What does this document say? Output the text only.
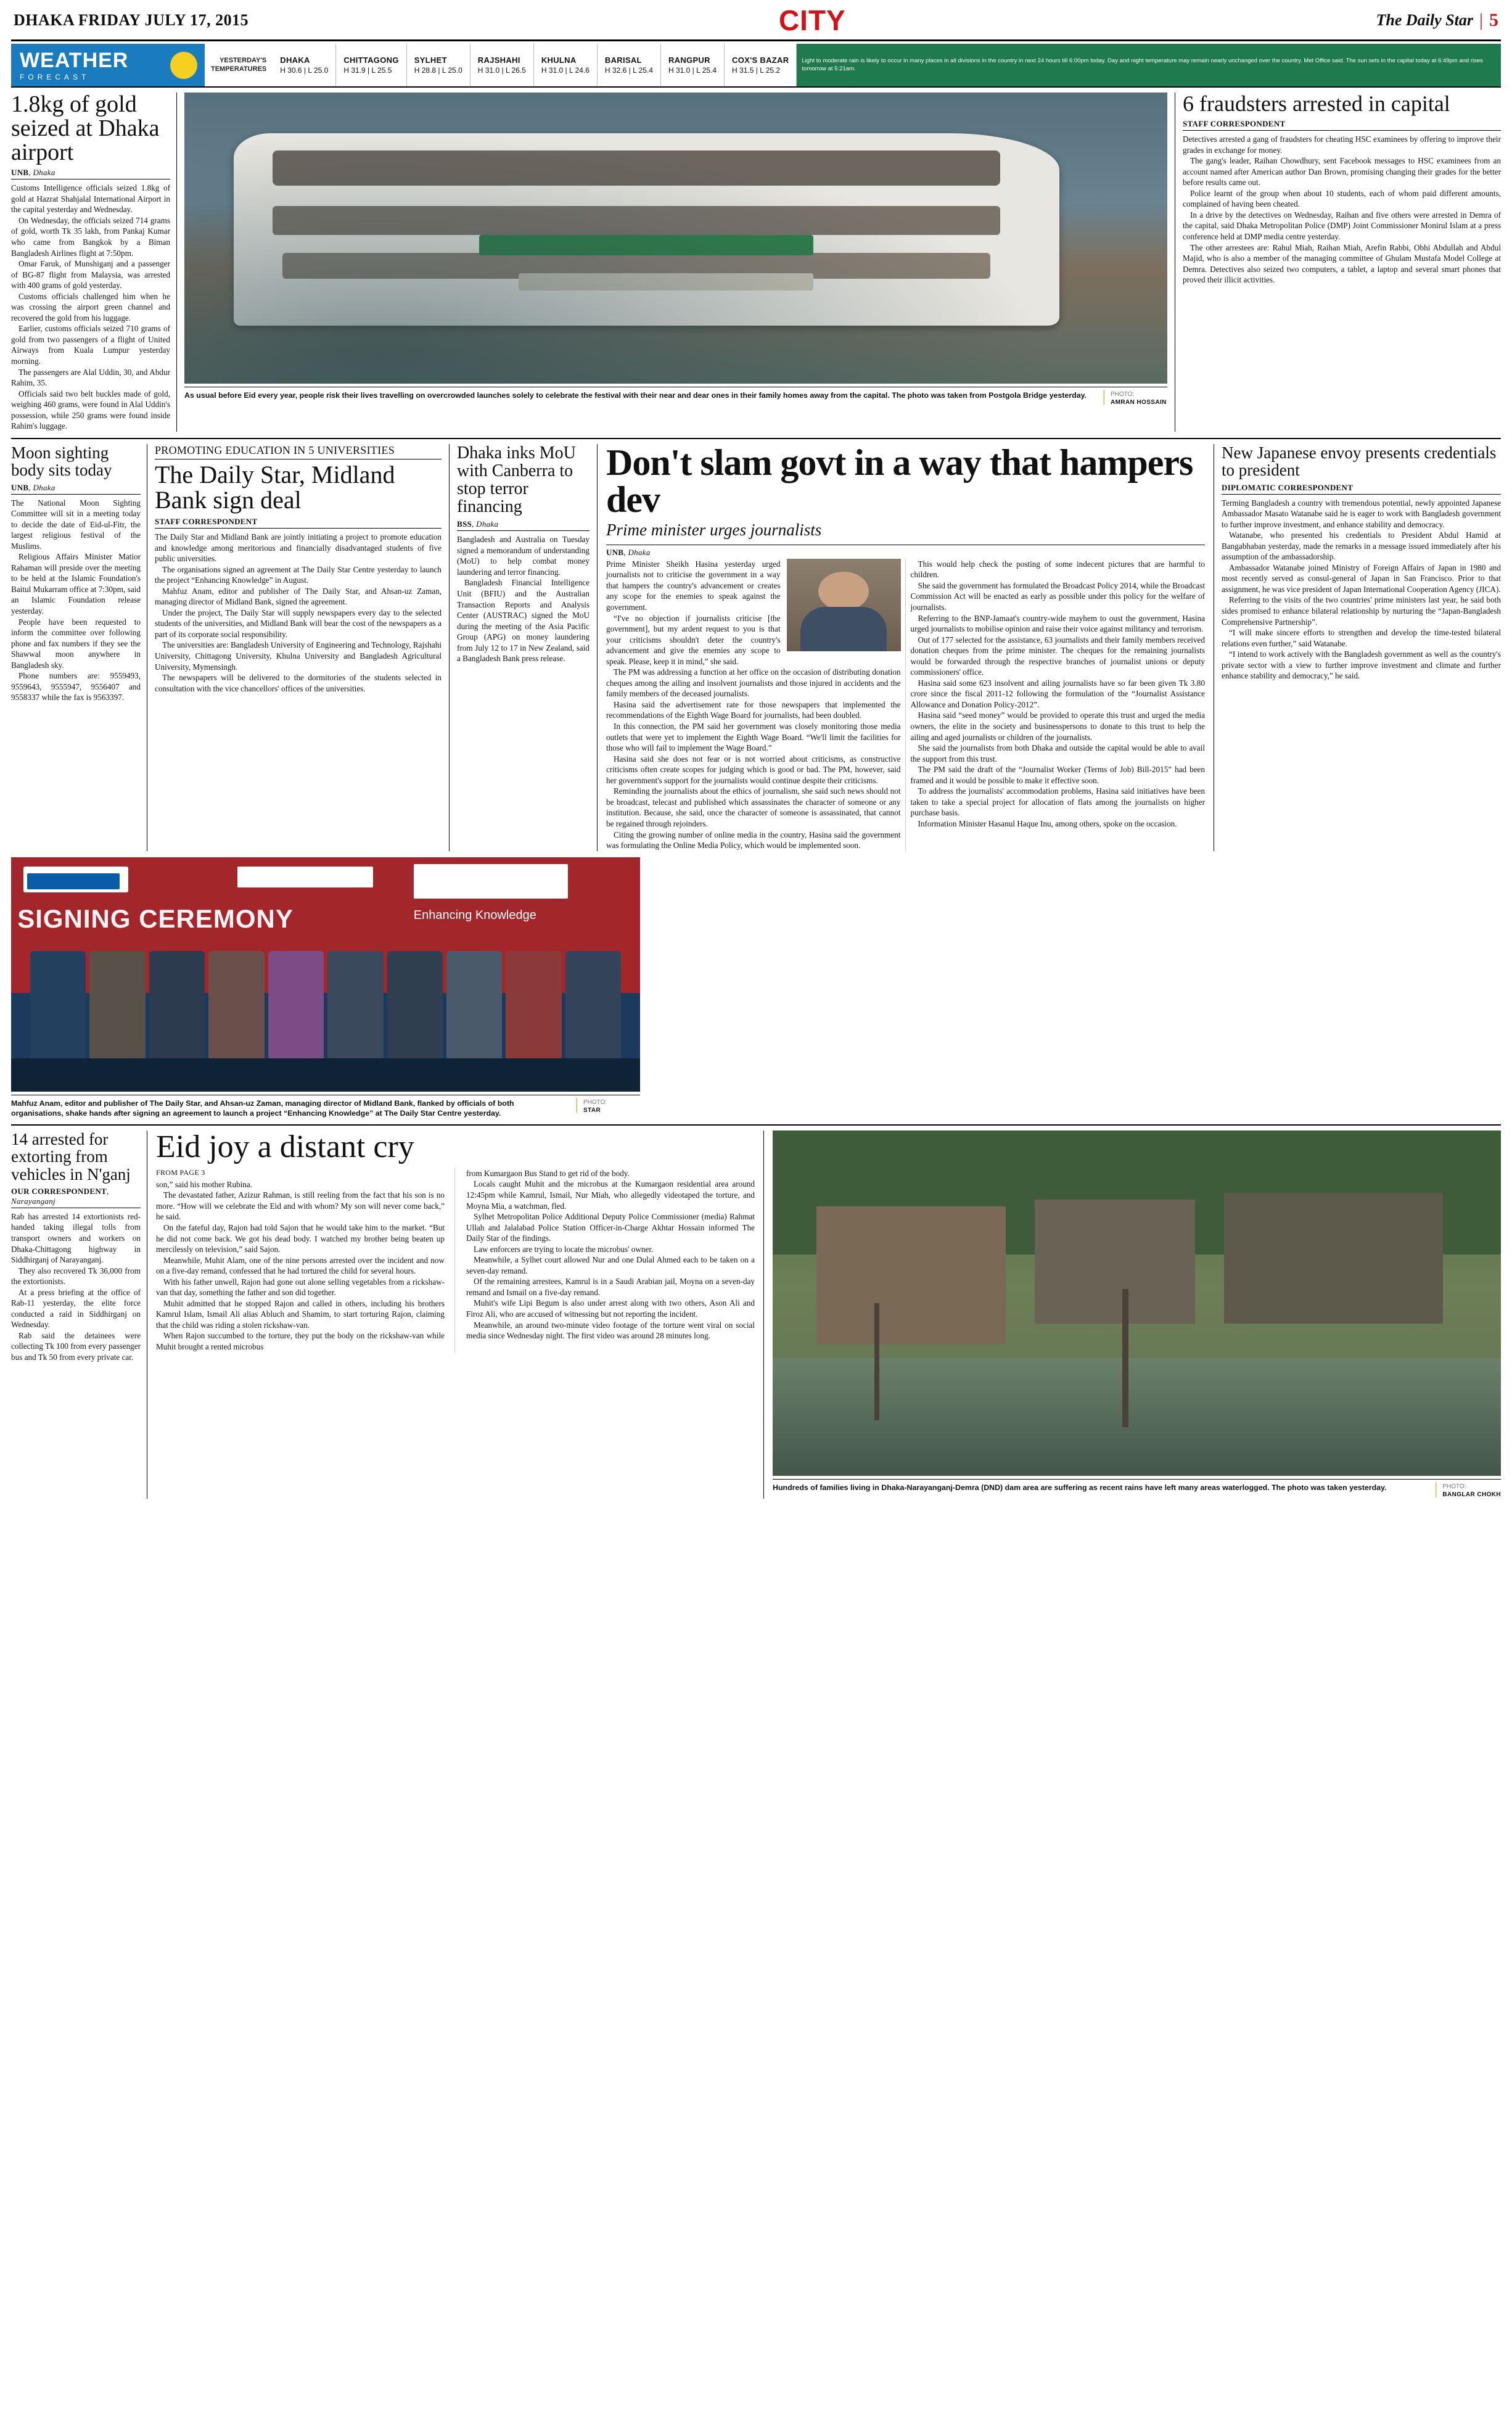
DHAKA FRIDAY JULY 17, 2015	CITY	The Daily Star | 5
WEATHER
FORECAST
YESTERDAY'S
TEMPERATURES
DHAKA
H 30.6 | L 25.0
CHITTAGONG
H 31.9 | L 25.5
SYLHET
H 28.8 | L 25.0
RAJSHAHI
H 31.0 | L 26.5
KHULNA
H 31.0 | L 24.6
BARISAL
H 32.6 | L 25.4
RANGPUR
H 31.0 | L 25.4
COX'S BAZAR
H 31.5 | L 25.2
Light to moderate rain is likely to occur in many places in all divisions in the country in next 24 hours till 6:00pm today. Day and night temperature may remain nearly unchanged over the country. Met Office said. The sun sets in the capital today at 6:49pm and rises tomorrow at 5:21am.
1.8kg of gold seized at Dhaka airport
UNB, Dhaka

Customs Intelligence officials seized 1.8kg of gold at Hazrat Shahjalal International Airport in the capital yesterday and Wednesday.

On Wednesday, the officials seized 714 grams of gold, worth Tk 35 lakh, from Pankaj Kumar who came from Bangkok by a Biman Bangladesh Airlines flight at 7:50pm.

Omar Faruk, of Munshiganj and a passenger of BG-87 flight from Malaysia, was arrested with 400 grams of gold yesterday.

Customs officials challenged him when he was crossing the airport green channel and recovered the gold from his luggage.

Earlier, customs officials seized 710 grams of gold from two passengers of a flight of United Airways from Kuala Lumpur yesterday morning.

The passengers are Alal Uddin, 30, and Abdur Rahim, 35.

Officials said two belt buckles made of gold, weighing 460 grams, were found in Alal Uddin's possession, while 250 grams were found inside Rahim's luggage.

As usual before Eid every year, people risk their lives travelling on overcrowded launches solely to celebrate the festival with their near and dear ones in their family homes away from the capital. The photo was taken from Postgola Bridge yesterday. | PHOTO:
AMRAN HOSSAIN
6 fraudsters arrested in capital
STAFF CORRESPONDENT

Detectives arrested a gang of fraudsters for cheating HSC examinees by offering to improve their grades in exchange for money.

The gang's leader, Raihan Chowdhury, sent Facebook messages to HSC examinees from an account named after American author Dan Brown, promising changing their grades for the better before results came out.

Police learnt of the group when about 10 students, each of whom paid different amounts, complained of having been cheated.

In a drive by the detectives on Wednesday, Raihan and five others were arrested in Demra of the capital, said Dhaka Metropolitan Police (DMP) Joint Commissioner Monirul Islam at a press conference held at DMP media centre yesterday.

The other arrestees are: Rahul Miah, Raihan Miah, Arefin Rabbi, Obhi Abdullah and Abdul Majid, who is also a member of the managing committee of Ghulam Mustafa Model College at Demra. Detectives also seized two computers, a tablet, a laptop and several smart phones that proved their illicit activities.

Moon sighting body sits today
UNB, Dhaka

The National Moon Sighting Committee will sit in a meeting today to decide the date of Eid-ul-Fitr, the largest religious festival of the Muslims.

Religious Affairs Minister Matior Rahaman will preside over the meeting to be held at the Islamic Foundation's Baitul Mukarram office at 7:30pm, said an Islamic Foundation release yesterday.

People have been requested to inform the committee over following phone and fax numbers if they see the Shawwal moon anywhere in Bangladesh sky.

Phone numbers are: 9559493, 9559643, 9555947, 9556407 and 9558337 while the fax is 9563397.

PROMOTING EDUCATION IN 5 UNIVERSITIES
The Daily Star, Midland Bank sign deal
STAFF CORRESPONDENT

The Daily Star and Midland Bank are jointly initiating a project to promote education and knowledge among meritorious and financially disadvantaged students of five public universities.

The organisations signed an agreement at The Daily Star Centre yesterday to launch the project “Enhancing Knowledge” in August.

Mahfuz Anam, editor and publisher of The Daily Star, and Ahsan-uz Zaman, managing director of Midland Bank, signed the agreement.

Under the project, The Daily Star will supply newspapers every day to the selected students of the universities, and Midland Bank will bear the cost of the newspapers as a part of its corporate social responsibility.

The universities are: Bangladesh University of Engineering and Technology, Rajshahi University, Chittagong University, Khulna University and Bangladesh Agricultural University, Mymensingh.

The newspapers will be delivered to the dormitories of the students selected in consultation with the vice chancellors' offices of the universities.

Dhaka inks MoU with Canberra to stop terror financing
BSS, Dhaka

Bangladesh and Australia on Tuesday signed a memorandum of understanding (MoU) to help combat money laundering and terror financing.

Bangladesh Financial Intelligence Unit (BFIU) and the Australian Transaction Reports and Analysis Center (AUSTRAC) signed the MoU during the meeting of the Asia Pacific Group (APG) on money laundering from July 12 to 17 in New Zealand, said a Bangladesh Bank press release.

Don't slam govt in a way that hampers dev
Prime minister urges journalists
UNB, Dhaka

Prime Minister Sheikh Hasina yesterday urged journalists not to criticise the government in a way that hampers the country's advancement or creates any scope for the enemies to speak against the government.

“I've no objection if journalists criticise [the government], but my ardent request to you is that your criticisms shouldn't deter the country's advancement and give the enemies any scope to speak. Please, keep it in mind,” she said.

The PM was addressing a function at her office on the occasion of distributing donation cheques among the ailing and insolvent journalists and those injured in accidents and the family members of the deceased journalists.

Hasina said the advertisement rate for those newspapers that implemented the recommendations of the Eighth Wage Board for journalists, had been doubled.

In this connection, the PM said her government was closely monitoring those media outlets that were yet to implement the Eighth Wage Board. “We'll limit the facilities for those who will fail to implement the Wage Board.”

Hasina said she does not fear or is not worried about criticisms, as constructive criticisms often create scopes for judging which is good or bad. The PM, however, said her government's support for the journalists would continue despite their criticisms.

Reminding the journalists about the ethics of journalism, she said such news should not be broadcast, telecast and published which assassinates the character of someone or any institution. Because, she said, once the character of someone is assassinated, that cannot be regained through rejoinders.

Citing the growing number of online media in the country, Hasina said the government was formulating the Online Media Policy, which would be implemented soon.

This would help check the posting of some indecent pictures that are harmful to children.

She said the government has formulated the Broadcast Policy 2014, while the Broadcast Commission Act will be enacted as early as possible under this policy for the welfare of journalists.

Referring to the BNP-Jamaat's country-wide mayhem to oust the government, Hasina urged journalists to mobilise opinion and raise their voice against militancy and terrorism.

Out of 177 selected for the assistance, 63 journalists and their family members received donation cheques from the prime minister. The cheques for the remaining journalists would be forwarded through the respective branches of journalist unions or deputy commissioners' office.

Hasina said some 623 insolvent and ailing journalists have so far been given Tk 3.80 crore since the fiscal 2011-12 following the formulation of the “Journalist Assistance Allowance and Donation Policy-2012”.

Hasina said “seed money” would be provided to operate this trust and urged the media owners, the elite in the society and businesspersons to donate to this trust to help the ailing and aged journalists or children of the journalists.

She said the journalists from both Dhaka and outside the capital would be able to avail the support from this trust.

The PM said the draft of the “Journalist Worker (Terms of Job) Bill-2015” had been framed and it would be possible to make it effective soon.

To address the journalists' accommodation problems, Hasina said initiatives have been taken to take a special project for allocation of flats among the journalists on higher purchase basis.

Information Minister Hasanul Haque Inu, among others, spoke on the occasion.

New Japanese envoy presents credentials to president
DIPLOMATIC CORRESPONDENT

Terming Bangladesh a country with tremendous potential, newly appointed Japanese Ambassador Masato Watanabe said he is eager to work with Bangladesh government to further improve investment, and enhance stability and democracy.

Watanabe, who presented his credentials to President Abdul Hamid at Bangabhaban yesterday, made the remarks in a message issued immediately after his assumption of the ambassadorship.

Ambassador Watanabe joined Ministry of Foreign Affairs of Japan in 1980 and most recently served as consul-general of Japan in San Francisco. Prior to that assignment, he was vice president of Japan International Cooperation Agency (JICA).

Referring to the visits of the two countries' prime ministers last year, he said both sides promised to enhance bilateral relationship by nurturing the “Japan-Bangladesh Comprehensive Partnership”.

“I will make sincere efforts to strengthen and develop the time-tested bilateral relations even further,” said Watanabe.

“I intend to work actively with the Bangladesh government as well as the country's private sector with a view to further improve investment and climate and further enhance stability and democracy,” he said.

SIGNING CEREMONY	Enhancing Knowledge
Mahfuz Anam, editor and publisher of The Daily Star, and Ahsan-uz Zaman, managing director of Midland Bank, flanked by officials of both organisations, shake hands after signing an agreement to launch a project “Enhancing Knowledge” at The Daily Star Centre yesterday.
| PHOTO:
STAR
14 arrested for extorting from vehicles in N'ganj
OUR CORRESPONDENT, Narayanganj

Rab has arrested 14 extortionists red-handed taking illegal tolls from transport owners and workers on Dhaka-Chittagong highway in Siddhirganj of Narayanganj.

They also recovered Tk 36,000 from the extortionists.

At a press briefing at the office of Rab-11 yesterday, the elite force conducted a raid in Siddhirganj on Wednesday.

Rab said the detainees were collecting Tk 100 from every passenger bus and Tk 50 from every private car.

Eid joy a distant cry
FROM PAGE 3

son,” said his mother Rubina.

The devastated father, Azizur Rahman, is still reeling from the fact that his son is no more. “How will we celebrate the Eid and with whom? My son will never come back,” he said.

On the fateful day, Rajon had told Sajon that he would take him to the market. “But he did not come back. We got his dead body. I watched my brother being beaten up mercilessly on television,” said Sajon.

Meanwhile, Muhit Alam, one of the nine persons arrested over the incident and now on a five-day remand, confessed that he had tortured the child for several hours.

With his father unwell, Rajon had gone out alone selling vegetables from a rickshaw-van that day, something the father and son did together.

Muhit admitted that he stopped Rajon and called in others, including his brothers Kamrul Islam, Ismail Ali alias Abluch and Shamim, to start torturing Rajon, claiming that the child was riding a stolen rickshaw-van.

When Rajon succumbed to the torture, they put the body on the rickshaw-van while Muhit brought a rented microbus

from Kumargaon Bus Stand to get rid of the body.

Locals caught Muhit and the microbus at the Kumargaon residential area around 12:45pm while Kamrul, Ismail, Nur Miah, who allegedly videotaped the torture, and Moyna Mia, a watchman, fled.

Sylhet Metropolitan Police Additional Deputy Police Commissioner (media) Rahmat Ullah and Jalalabad Police Station Officer-in-Charge Akhtar Hossain informed The Daily Star of the findings.

Law enforcers are trying to locate the microbus' owner.

Meanwhile, a Sylhet court allowed Nur and one Dulal Ahmed each to be taken on a seven-day remand.

Of the remaining arrestees, Kamrul is in a Saudi Arabian jail, Moyna on a seven-day remand and Ismail on a five-day remand.

Muhit's wife Lipi Begum is also under arrest along with two others, Ason Ali and Firoz Ali, who are accused of witnessing but not reporting the incident.

Meanwhile, an around two-minute video footage of the torture went viral on social media since Wednesday night. The first video was around 28 minutes long.

Hundreds of families living in Dhaka-Narayanganj-Demra (DND) dam area are suffering as recent rains have left many areas waterlogged. The photo was taken yesterday.	| PHOTO:
BANGLAR CHOKH
